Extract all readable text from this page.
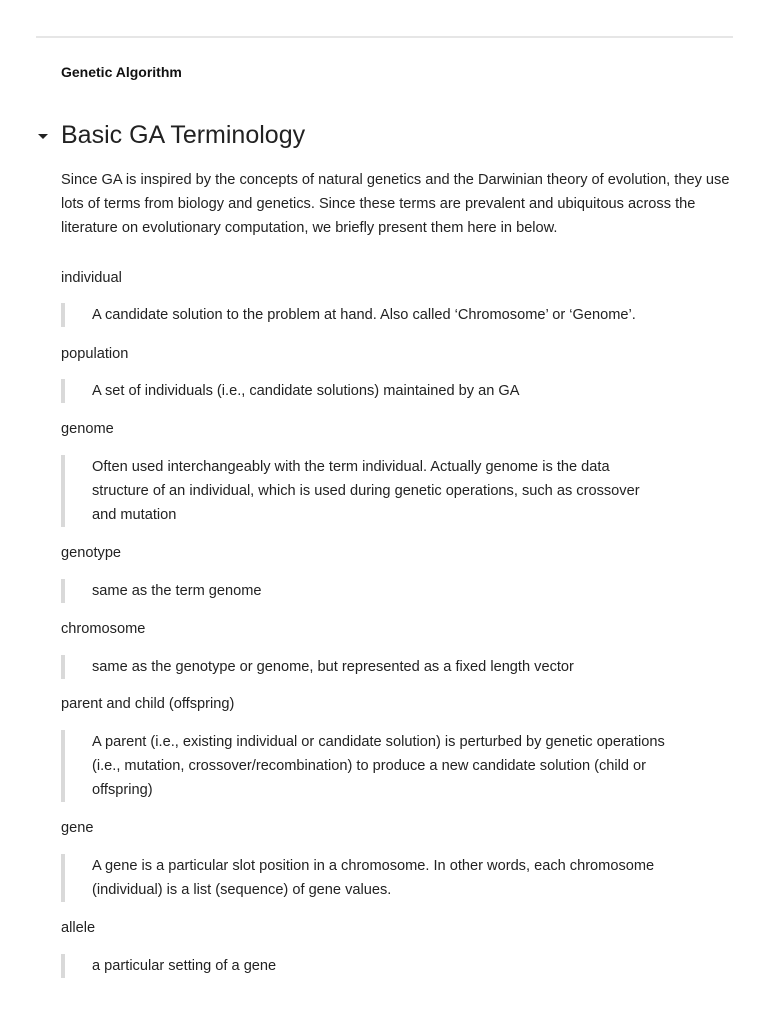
Genetic Algorithm
Basic GA Terminology

Since GA is inspired by the concepts of natural genetics and the Darwinian theory of evolution, they use lots of terms from biology and genetics. Since these terms are prevalent and ubiquitous across the literature on evolutionary computation, we briefly present them here in below.

individual
A candidate solution to the problem at hand. Also called ‘Chromosome’ or ‘Genome’.
population
A set of individuals (i.e., candidate solutions) maintained by an GA
genome
Often used interchangeably with the term individual. Actually genome is the data structure of an individual, which is used during genetic operations, such as crossover and mutation
genotype
same as the term genome
chromosome
same as the genotype or genome, but represented as a fixed length vector
parent and child (offspring)
A parent (i.e., existing individual or candidate solution) is perturbed by genetic operations (i.e., mutation, crossover/recombination) to produce a new candidate solution (child or offspring)
gene
A gene is a particular slot position in a chromosome. In other words, each chromosome (individual) is a list (sequence) of gene values.
allele
a particular setting of a gene
